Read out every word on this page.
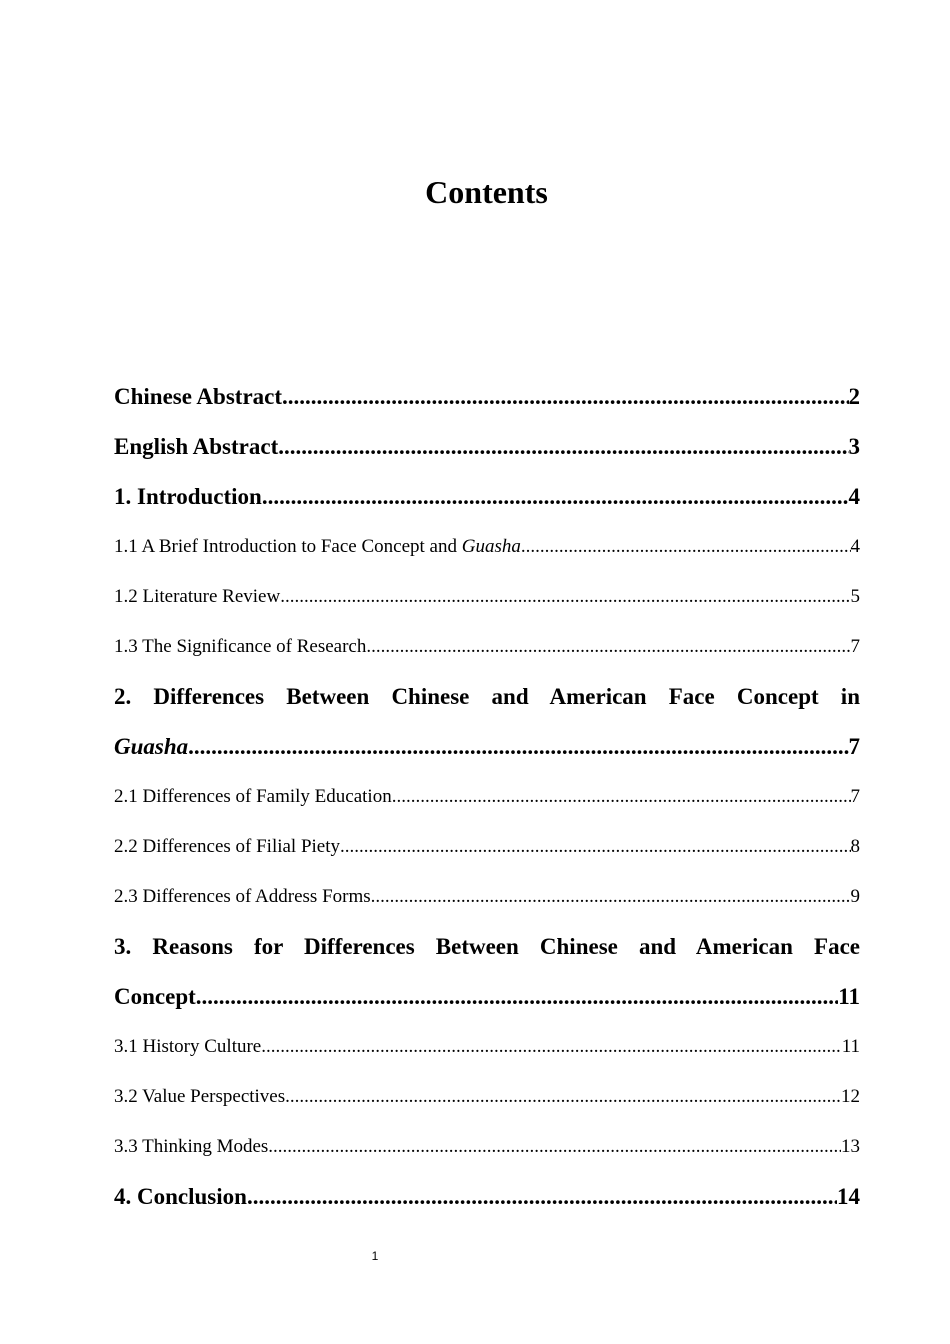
Contents
Chinese Abstract .....	2
English Abstract .....	3
1. Introduction .....	4
1.1 A Brief Introduction to Face Concept and Guasha .....	4
1.2 Literature Review .....	5
1.3 The Significance of Research .....	7
2. Differences Between Chinese and American Face Concept in
Guasha .....	7
2.1 Differences of Family Education .....	7
2.2 Differences of Filial Piety .....	8
2.3 Differences of Address Forms .....	9
3. Reasons for Differences Between Chinese and American Face
Concept .....	11
3.1 History Culture .....	11
3.2 Value Perspectives .....	12
3.3 Thinking Modes .....	13
4. Conclusion .....	14
1
